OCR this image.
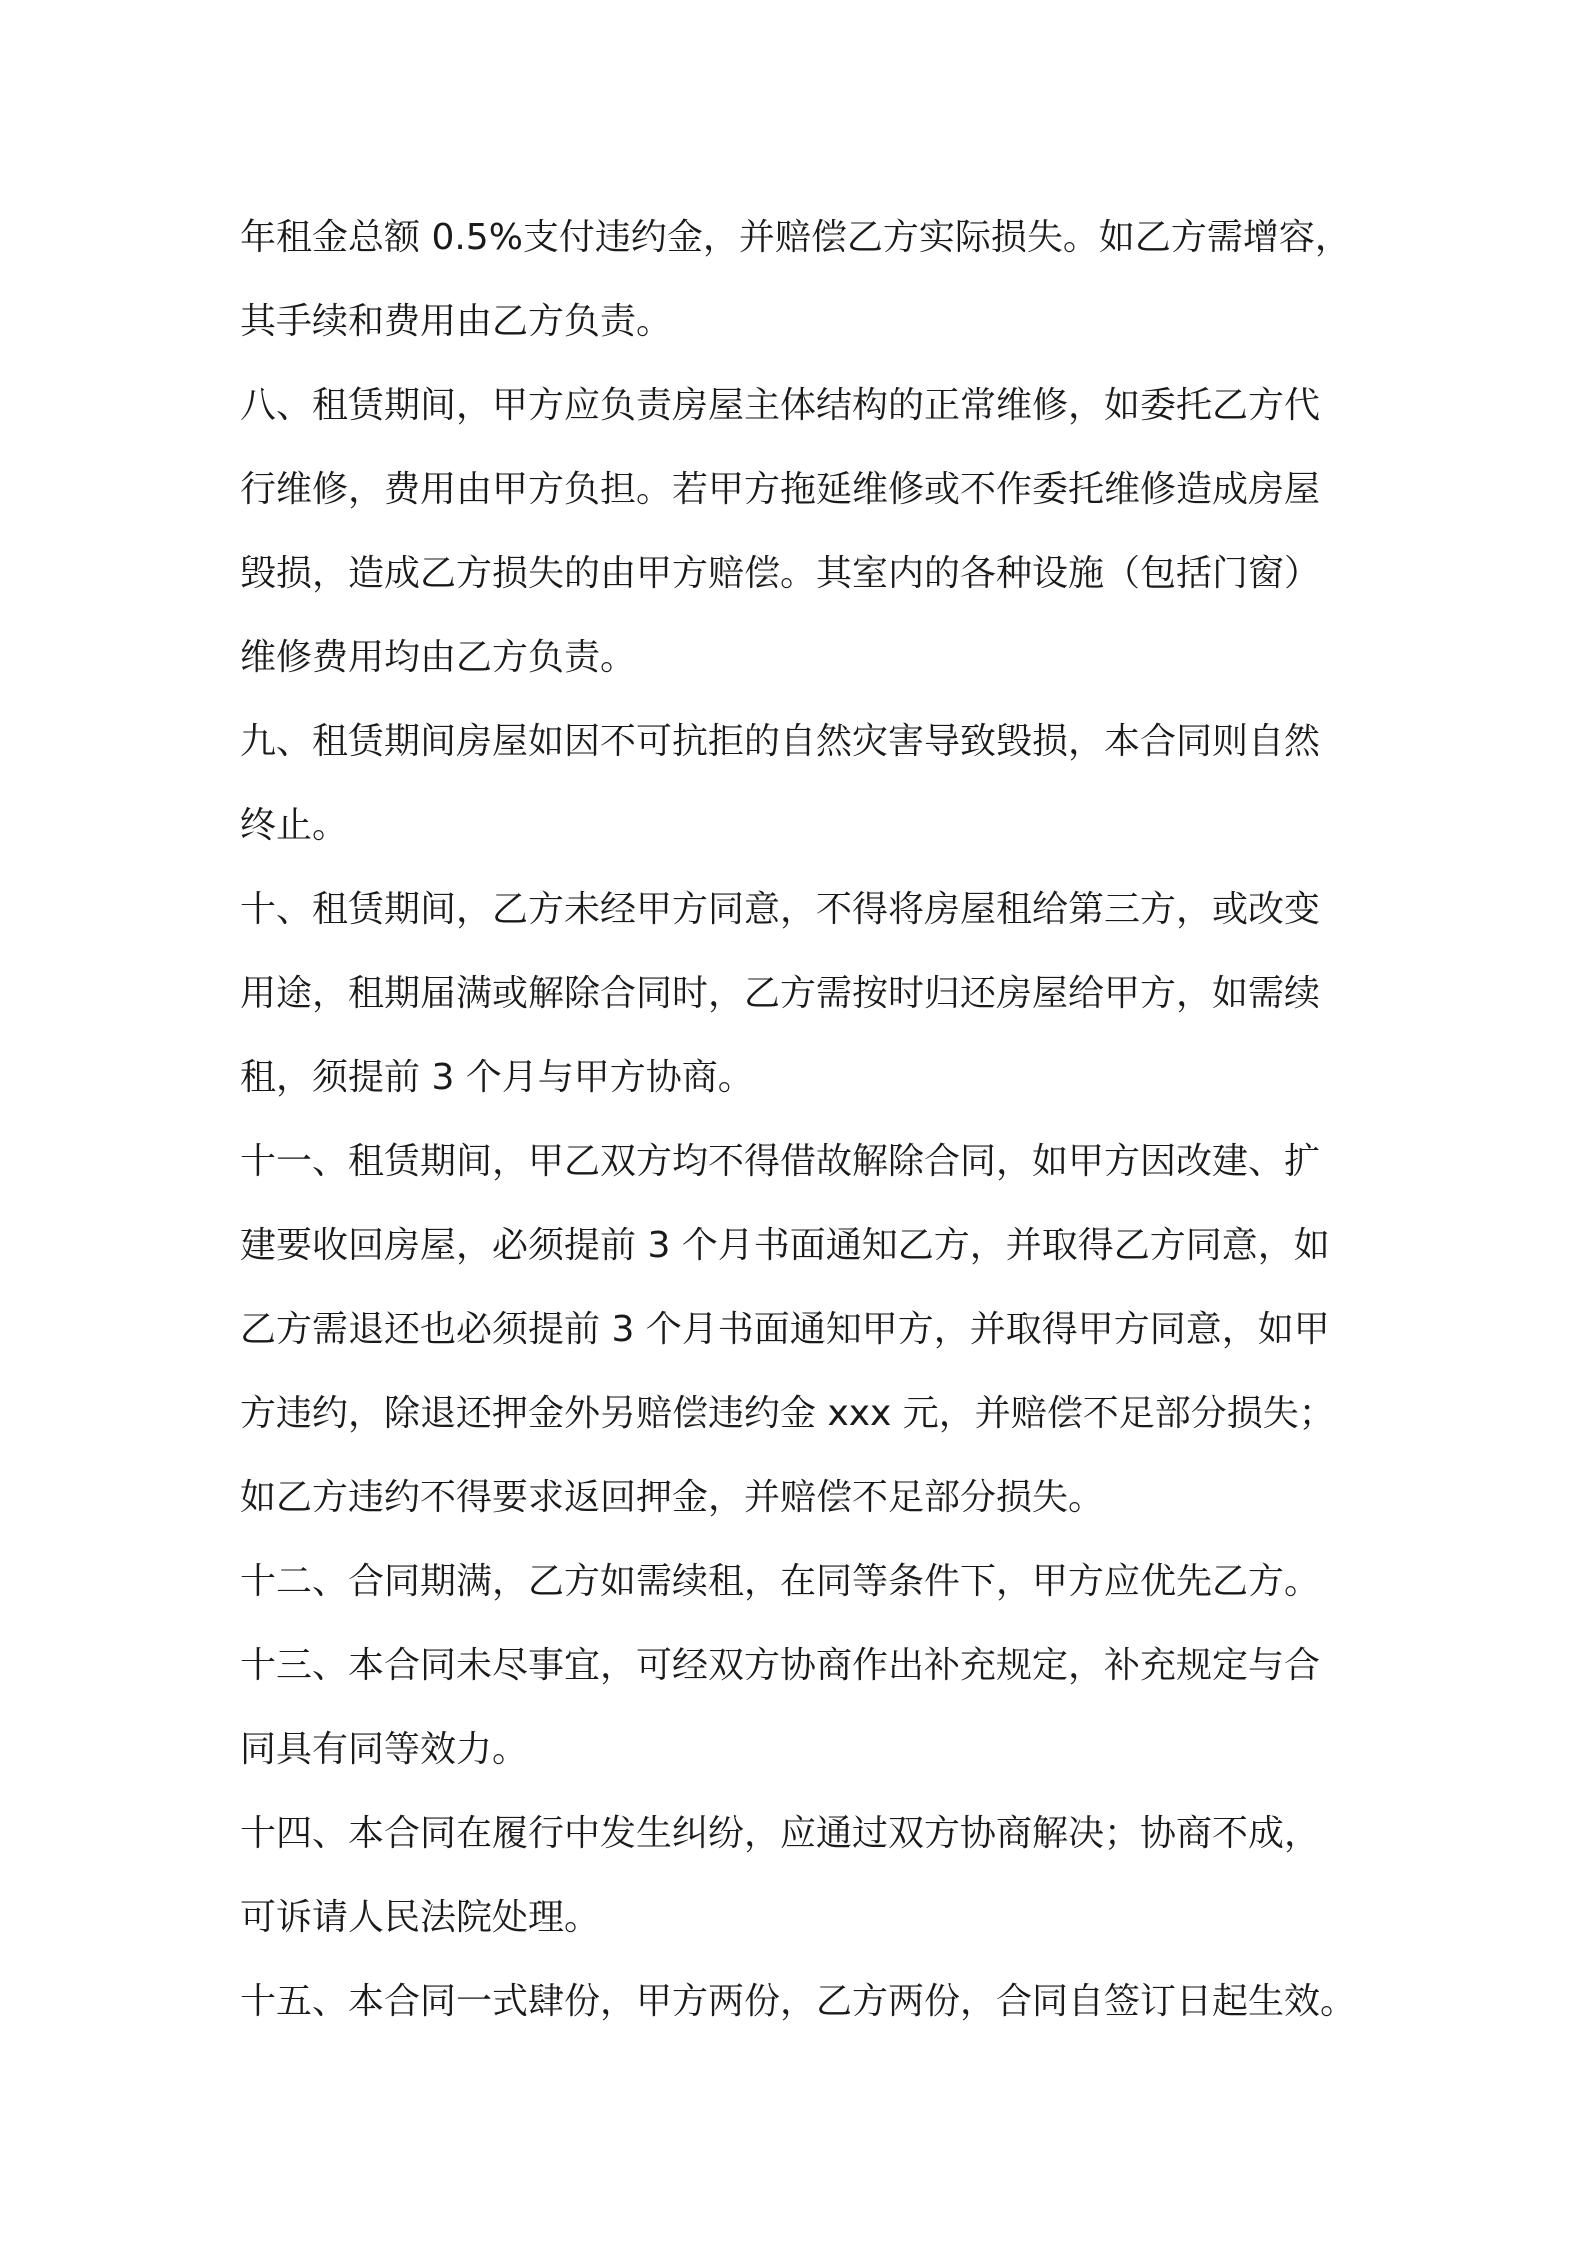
年租金总额 0.5%支付违约金，并赔偿乙方实际损失。如乙方需增容，
其手续和费用由乙方负责。
八、租赁期间，甲方应负责房屋主体结构的正常维修，如委托乙方代
行维修，费用由甲方负担。若甲方拖延维修或不作委托维修造成房屋
毁损，造成乙方损失的由甲方赔偿。其室内的各种设施（包括门窗）
维修费用均由乙方负责。
九、租赁期间房屋如因不可抗拒的自然灾害导致毁损，本合同则自然
终止。
十、租赁期间，乙方未经甲方同意，不得将房屋租给第三方，或改变
用途，租期届满或解除合同时，乙方需按时归还房屋给甲方，如需续
租，须提前 3 个月与甲方协商。
十一、租赁期间，甲乙双方均不得借故解除合同，如甲方因改建、扩
建要收回房屋，必须提前 3 个月书面通知乙方，并取得乙方同意，如
乙方需退还也必须提前 3 个月书面通知甲方，并取得甲方同意，如甲
方违约，除退还押金外另赔偿违约金 xxx 元，并赔偿不足部分损失；
如乙方违约不得要求返回押金，并赔偿不足部分损失。
十二、合同期满，乙方如需续租，在同等条件下，甲方应优先乙方。
十三、本合同未尽事宜，可经双方协商作出补充规定，补充规定与合
同具有同等效力。
十四、本合同在履行中发生纠纷，应通过双方协商解决；协商不成，
可诉请人民法院处理。
十五、本合同一式肆份，甲方两份，乙方两份，合同自签订日起生效。
